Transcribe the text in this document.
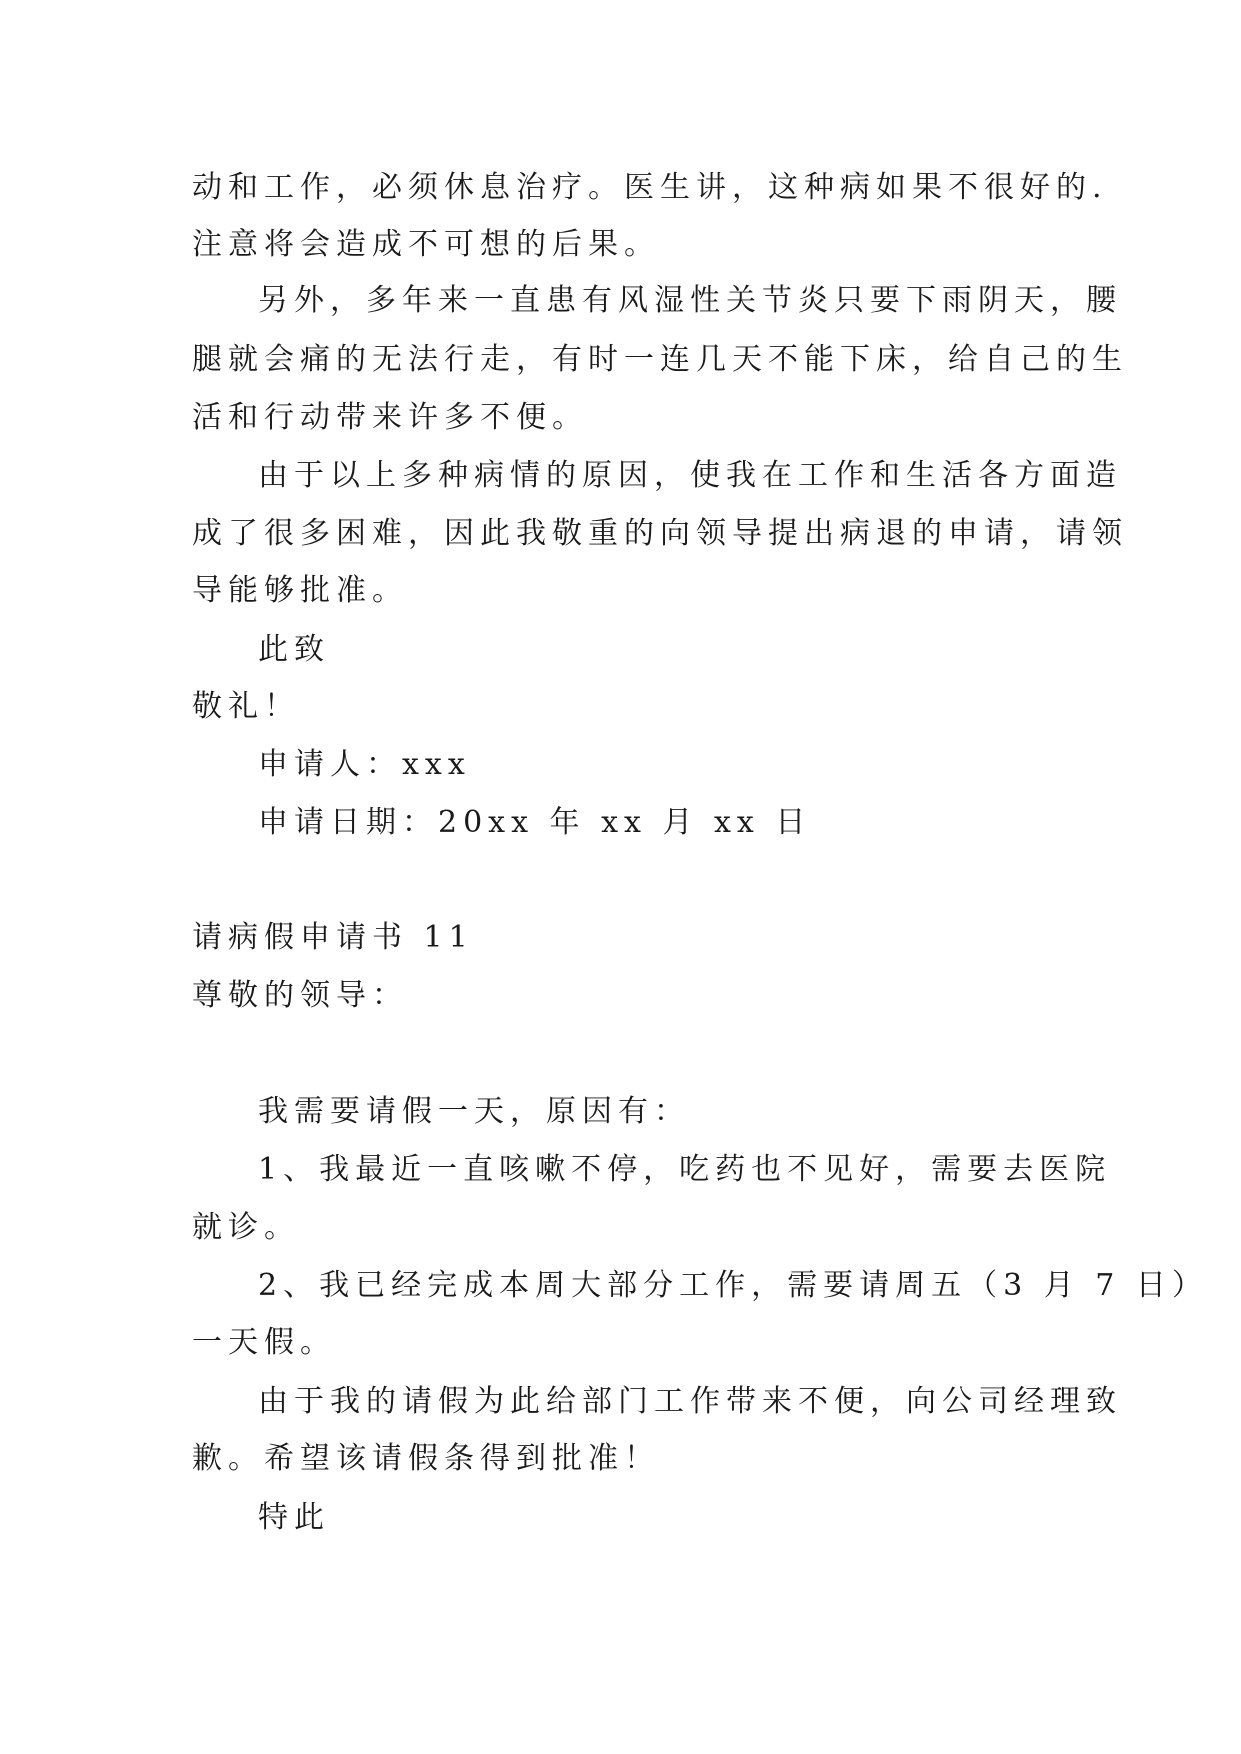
动和工作，必须休息治疗。医生讲，这种病如果不很好的.
注意将会造成不可想的后果。
另外，多年来一直患有风湿性关节炎只要下雨阴天，腰
腿就会痛的无法行走，有时一连几天不能下床，给自己的生
活和行动带来许多不便。
由于以上多种病情的原因，使我在工作和生活各方面造
成了很多困难，因此我敬重的向领导提出病退的申请，请领
导能够批准。
此致
敬礼！
申请人：xxx
申请日期：20xx 年 xx 月 xx 日
请病假申请书 11
尊敬的领导：
我需要请假一天，原因有：
1、我最近一直咳嗽不停，吃药也不见好，需要去医院
就诊。
2、我已经完成本周大部分工作，需要请周五（3 月 7 日）
一天假。
由于我的请假为此给部门工作带来不便，向公司经理致
歉。希望该请假条得到批准！
特此
